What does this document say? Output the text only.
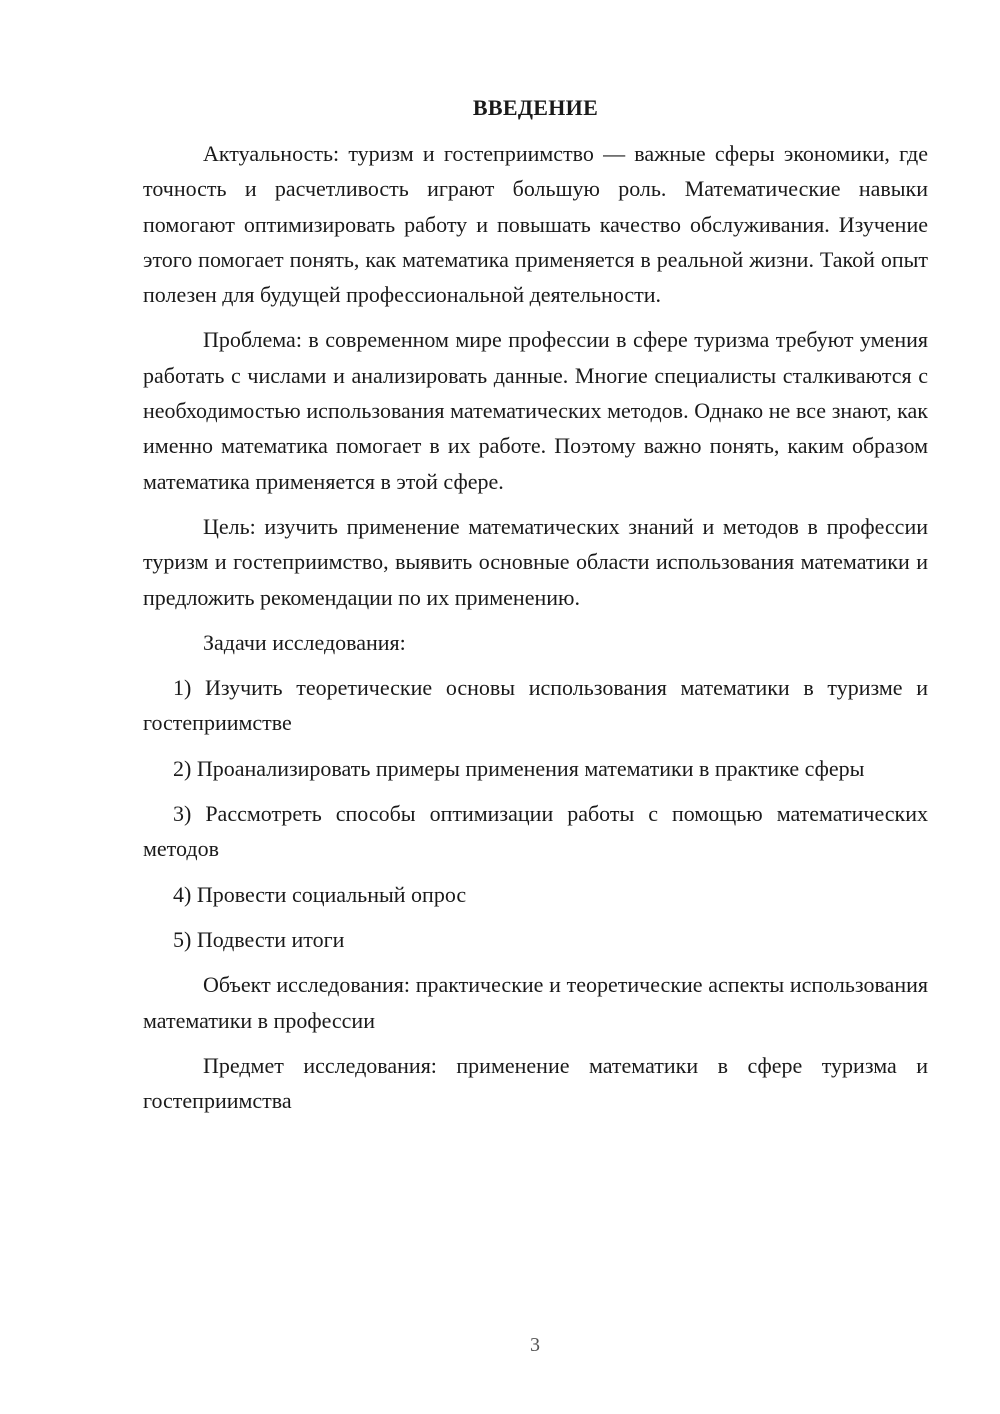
ВВЕДЕНИЕ

Актуальность: туризм и гостеприимство — важные сферы экономики, где точность и расчетливость играют большую роль. Математические навыки помогают оптимизировать работу и повышать качество обслуживания. Изучение этого помогает понять, как математика применяется в реальной жизни. Такой опыт полезен для будущей профессиональной деятельности.

Проблема: в современном мире профессии в сфере туризма требуют умения работать с числами и анализировать данные. Многие специалисты сталкиваются с необходимостью использования математических методов. Однако не все знают, как именно математика помогает в их работе. Поэтому важно понять, каким образом математика применяется в этой сфере.

Цель: изучить применение математических знаний и методов в профессии туризм и гостеприимство, выявить основные области использования математики и предложить рекомендации по их применению.

Задачи исследования:

1) Изучить теоретические основы использования математики в туризме и гостеприимстве

2) Проанализировать примеры применения математики в практике сферы

3) Рассмотреть способы оптимизации работы с помощью математических методов

4) Провести социальный опрос

5) Подвести итоги

Объект исследования: практические и теоретические аспекты использования математики в профессии

Предмет исследования: применение математики в сфере туризма и гостеприимства

3
